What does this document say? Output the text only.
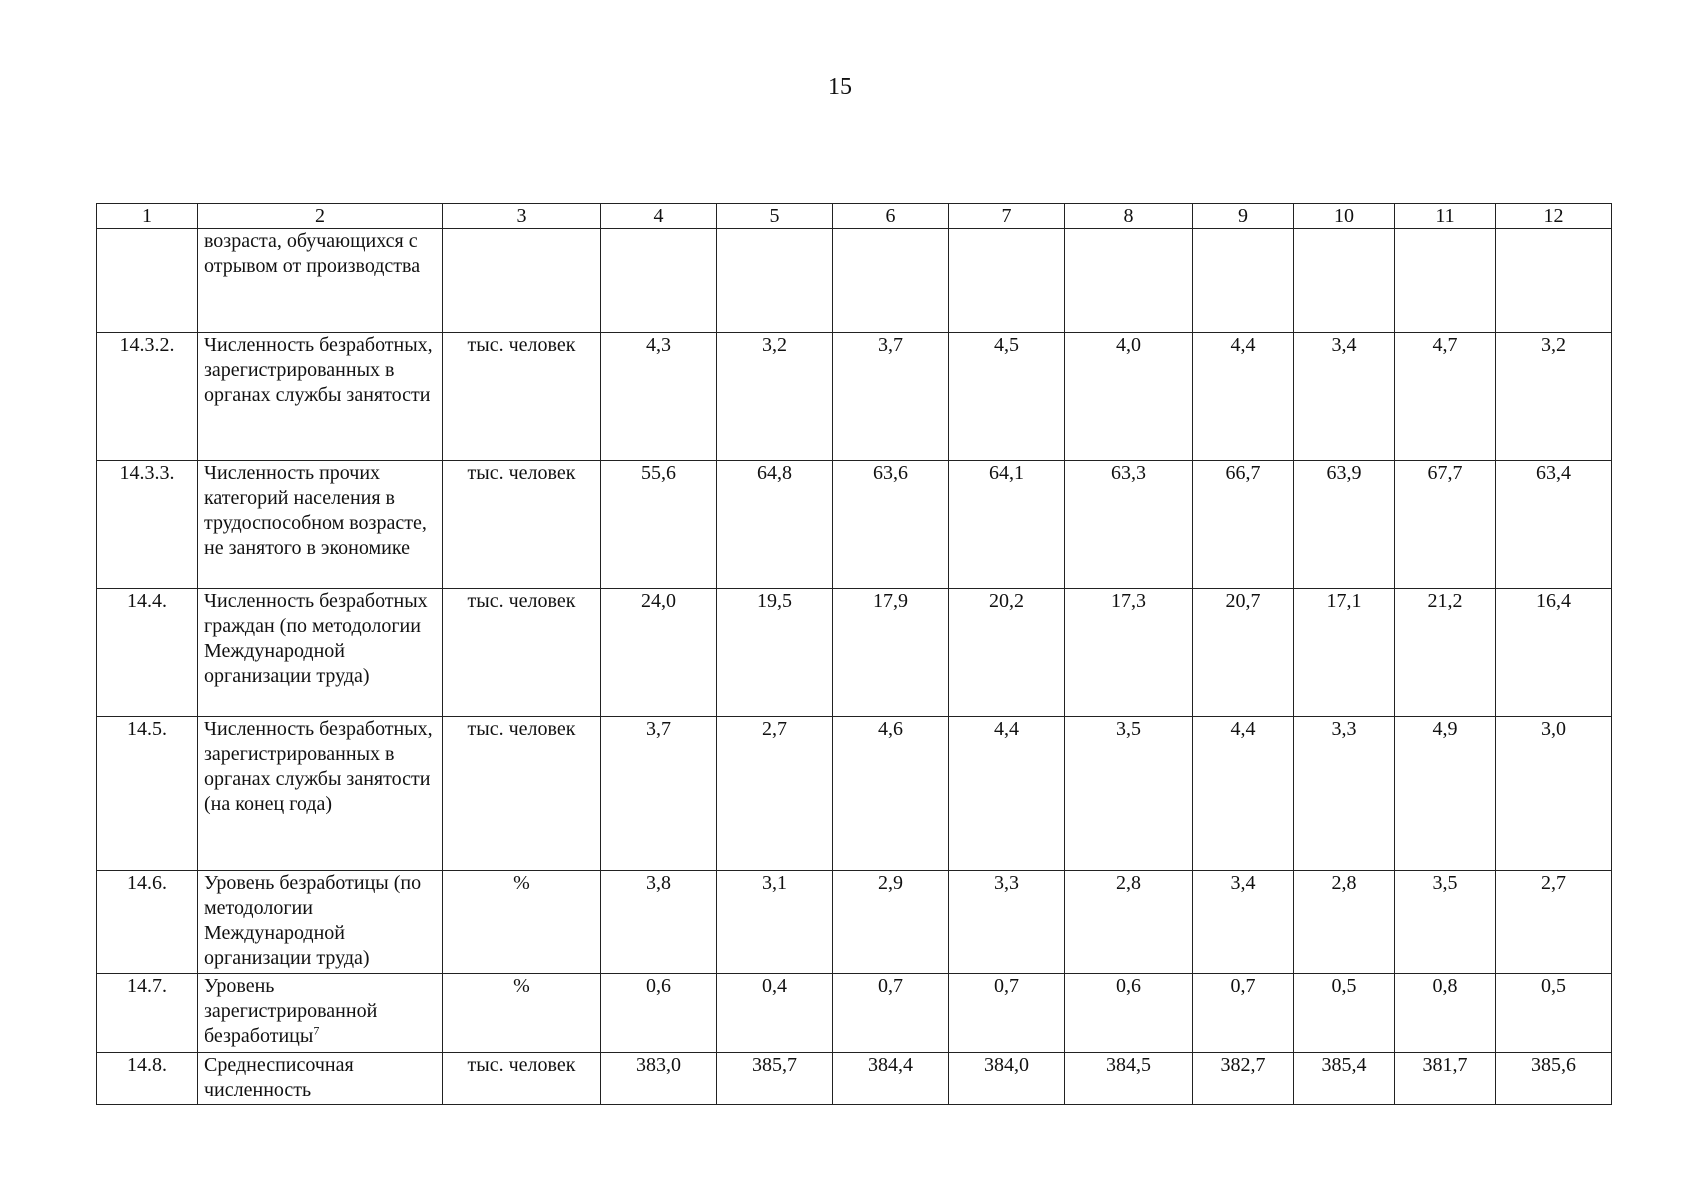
15
1	2	3	4	5	6	7	8	9	10	11	12
	возраста, обучающихся с отрывом от производства										
14.3.2.	Численность безработных, зарегистрированных в органах службы занятости	тыс. человек	4,3	3,2	3,7	4,5	4,0	4,4	3,4	4,7	3,2
14.3.3.	Численность прочих категорий населения в трудоспособном возрасте, не занятого в экономике	тыс. человек	55,6	64,8	63,6	64,1	63,3	66,7	63,9	67,7	63,4
14.4.	Численность безработных граждан (по методологии Международной организации труда)	тыс. человек	24,0	19,5	17,9	20,2	17,3	20,7	17,1	21,2	16,4
14.5.	Численность безработных, зарегистрированных в органах службы занятости (на конец года)	тыс. человек	3,7	2,7	4,6	4,4	3,5	4,4	3,3	4,9	3,0
14.6.	Уровень безработицы (по методологии Международной организации труда)	%	3,8	3,1	2,9	3,3	2,8	3,4	2,8	3,5	2,7
14.7.	Уровень зарегистрированной безработицы$^7$	%	0,6	0,4	0,7	0,7	0,6	0,7	0,5	0,8	0,5
14.8.	Среднесписочная численность	тыс. человек	383,0	385,7	384,4	384,0	384,5	382,7	385,4	381,7	385,6
